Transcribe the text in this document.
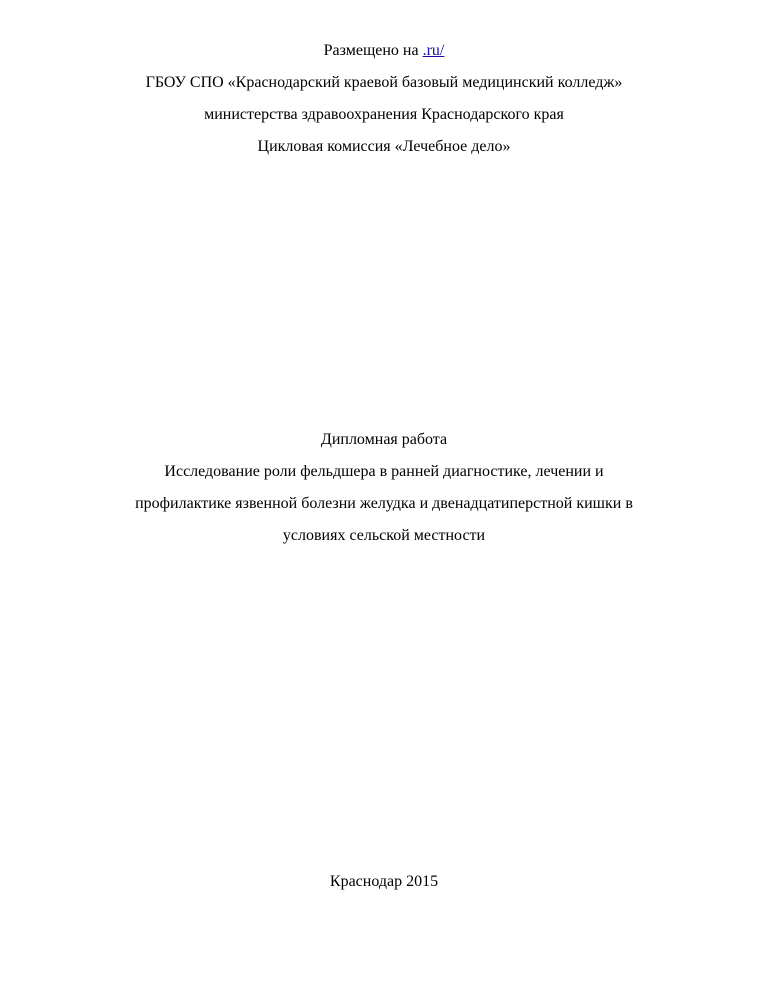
Размещено на .ru/
ГБОУ СПО «Краснодарский краевой базовый медицинский колледж»
министерства здравоохранения Краснодарского края
Цикловая комиссия «Лечебное дело»
Дипломная работа
Исследование роли фельдшера в ранней диагностике, лечении и
профилактике язвенной болезни желудка и двенадцатиперстной кишки в
условиях сельской местности
Краснодар 2015
